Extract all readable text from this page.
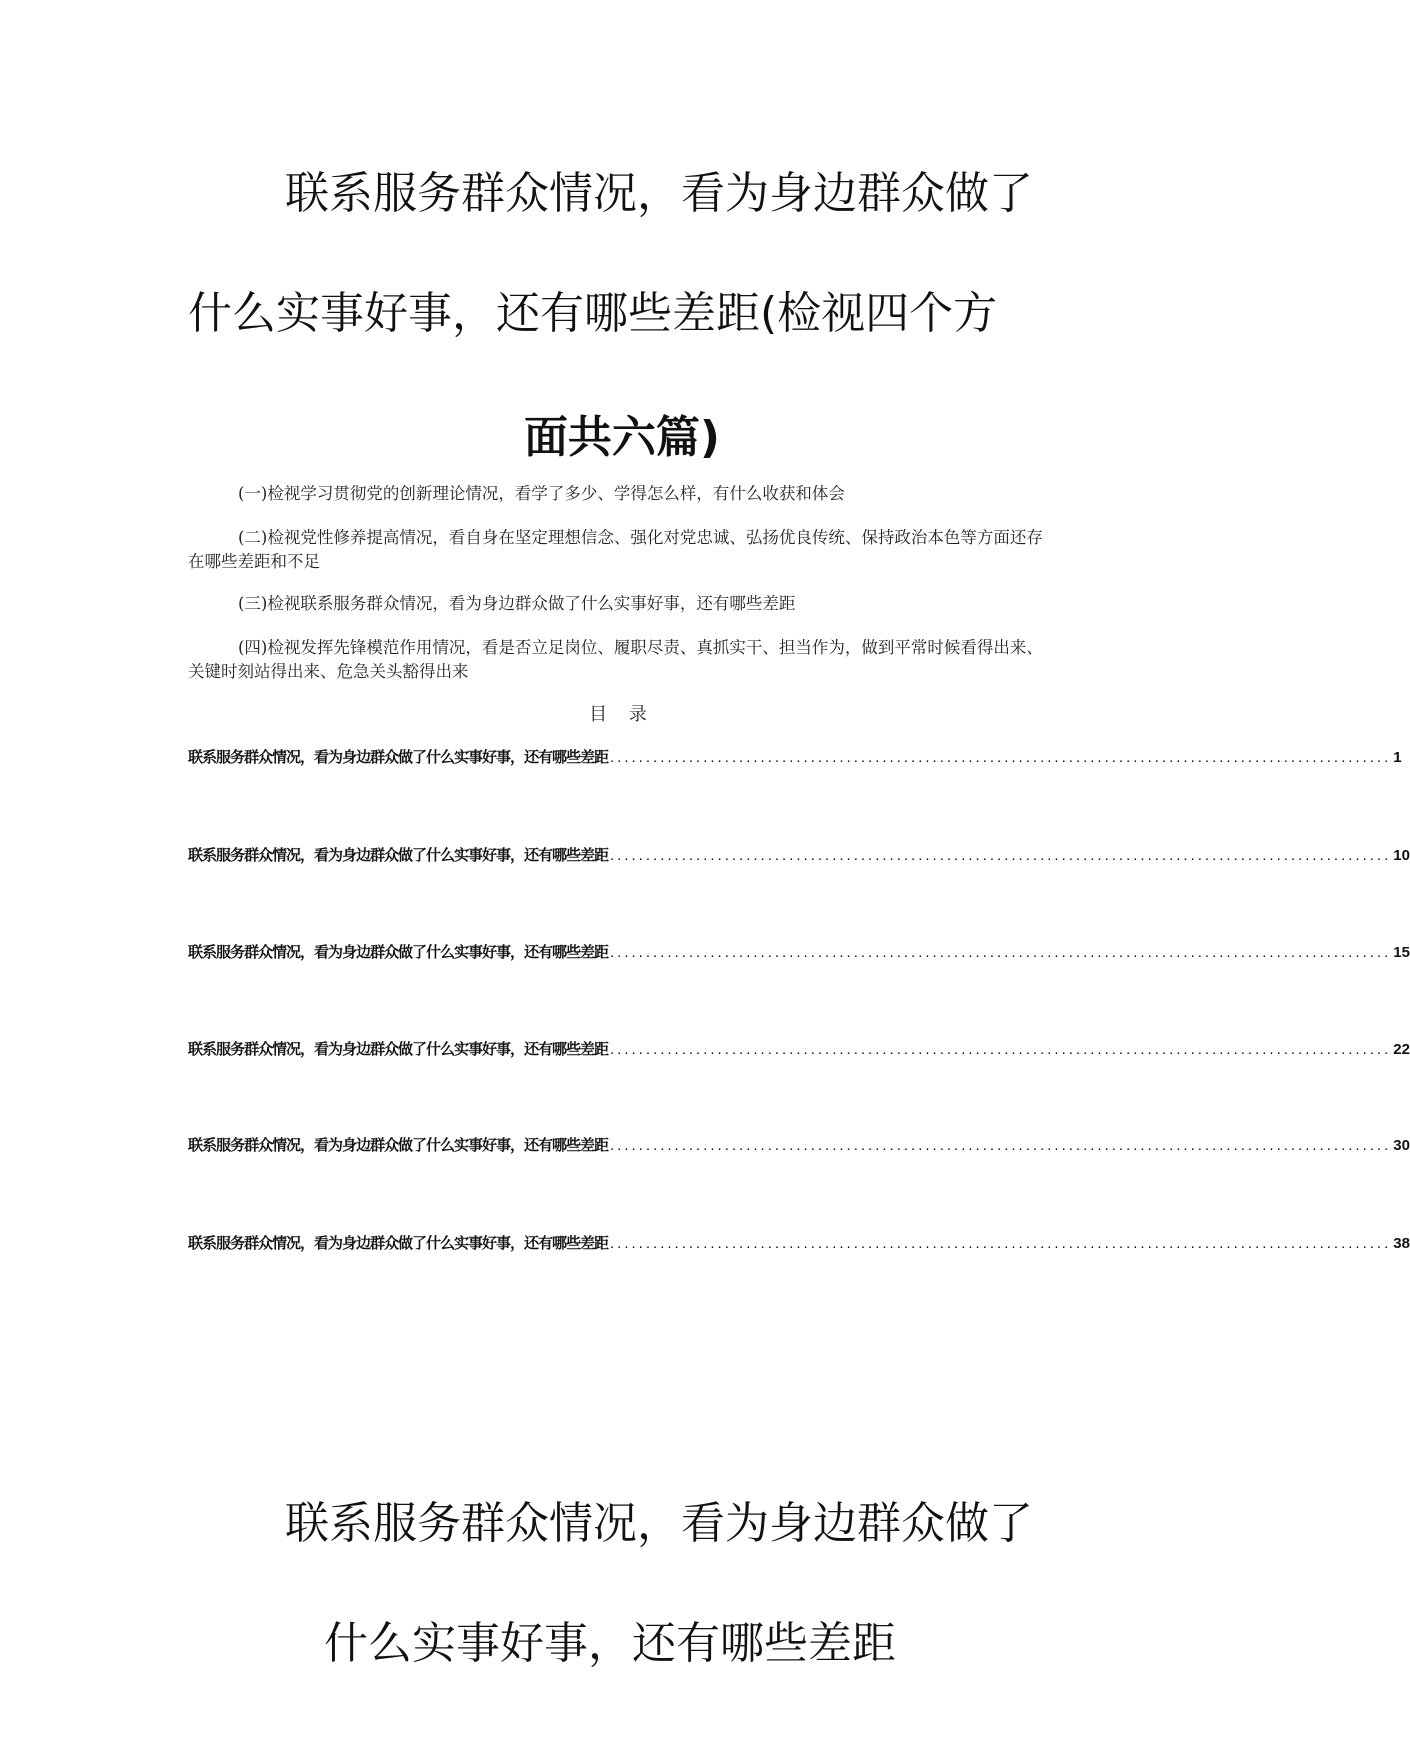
联系服务群众情况，看为身边群众做了
什么实事好事，还有哪些差距(检视四个方
面共六篇)

(一)检视学习贯彻党的创新理论情况，看学了多少、学得怎么样，有什么收获和体会

(二)检视党性修养提高情况，看自身在坚定理想信念、强化对党忠诚、弘扬优良传统、保持政治本色等方面还存在哪些差距和不足

(三)检视联系服务群众情况，看为身边群众做了什么实事好事，还有哪些差距

(四)检视发挥先锋模范作用情况，看是否立足岗位、履职尽责、真抓实干、担当作为，做到平常时候看得出来、关键时刻站得出来、危急关头豁得出来

目 录
联系服务群众情况，看为身边群众做了什么实事好事，还有哪些差距 ............................................................................................................. 1
联系服务群众情况，看为身边群众做了什么实事好事，还有哪些差距 ............................................................................................................. 10
联系服务群众情况，看为身边群众做了什么实事好事，还有哪些差距 ............................................................................................................. 15
联系服务群众情况，看为身边群众做了什么实事好事，还有哪些差距 ............................................................................................................. 22
联系服务群众情况，看为身边群众做了什么实事好事，还有哪些差距 ............................................................................................................. 30
联系服务群众情况，看为身边群众做了什么实事好事，还有哪些差距 ............................................................................................................. 38
联系服务群众情况，看为身边群众做了
什么实事好事，还有哪些差距
